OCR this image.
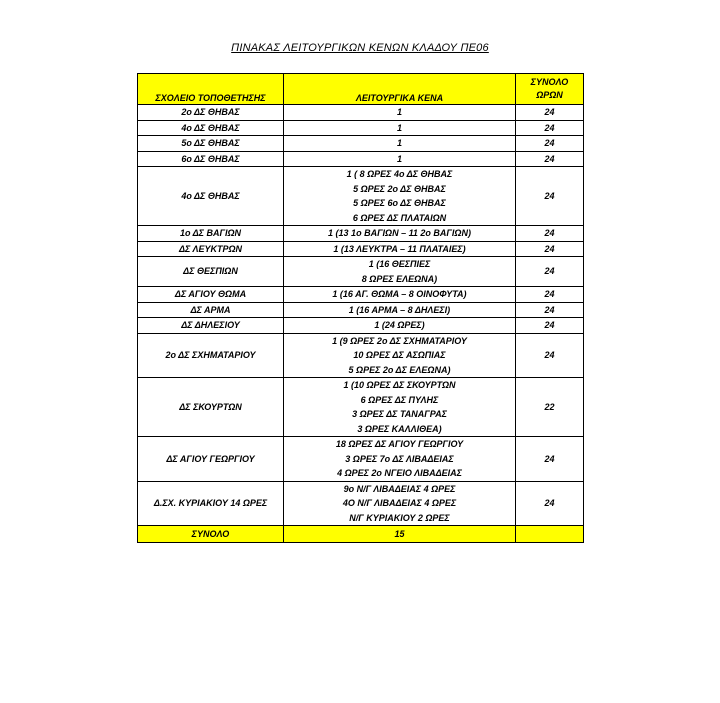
ΠΙΝΑΚΑΣ ΛΕΙΤΟΥΡΓΙΚΩΝ ΚΕΝΩΝ ΚΛΑΔΟΥ ΠΕ06
ΣΧΟΛΕΙΟ ΤΟΠΟΘΕΤΗΣΗΣ	ΛΕΙΤΟΥΡΓΙΚΑ ΚΕΝΑ	ΣΥΝΟΛΟ
ΩΡΩΝ

2ο ΔΣ ΘΗΒΑΣ	1	24
4ο ΔΣ ΘΗΒΑΣ	1	24
5ο ΔΣ ΘΗΒΑΣ	1	24
6ο ΔΣ ΘΗΒΑΣ	1	24
4ο ΔΣ ΘΗΒΑΣ	1 ( 8 ΩΡΕΣ 4ο ΔΣ ΘΗΒΑΣ
5 ΩΡΕΣ 2ο ΔΣ ΘΗΒΑΣ
5 ΩΡΕΣ 6ο ΔΣ ΘΗΒΑΣ
6 ΩΡΕΣ ΔΣ ΠΛΑΤΑΙΩΝ	24
1ο ΔΣ ΒΑΓΙΩΝ	1 (13 1ο ΒΑΓΙΩΝ – 11 2ο ΒΑΓΙΩΝ)	24
ΔΣ ΛΕΥΚΤΡΩΝ	1 (13 ΛΕΥΚΤΡΑ – 11 ΠΛΑΤΑΙΕΣ)	24
ΔΣ ΘΕΣΠΙΩΝ	1 (16 ΘΕΣΠΙΕΣ
8 ΩΡΕΣ ΕΛΕΩΝΑ)	24
ΔΣ ΑΓΙΟΥ ΘΩΜΑ	1 (16 ΑΓ. ΘΩΜΑ – 8 ΟΙΝΟΦΥΤΑ)	24
ΔΣ ΑΡΜΑ	1 (16 ΑΡΜΑ – 8 ΔΗΛΕΣΙ)	24
ΔΣ ΔΗΛΕΣΙΟΥ	1 (24 ΩΡΕΣ)	24
2ο ΔΣ ΣΧΗΜΑΤΑΡΙΟΥ	1 (9 ΩΡΕΣ 2ο ΔΣ ΣΧΗΜΑΤΑΡΙΟΥ
10 ΩΡΕΣ ΔΣ ΑΣΩΠΙΑΣ
5 ΩΡΕΣ 2ο ΔΣ ΕΛΕΩΝΑ)	24
ΔΣ ΣΚΟΥΡΤΩΝ	1 (10 ΩΡΕΣ ΔΣ ΣΚΟΥΡΤΩΝ
6 ΩΡΕΣ ΔΣ ΠΥΛΗΣ
3 ΩΡΕΣ ΔΣ ΤΑΝΑΓΡΑΣ
3 ΩΡΕΣ ΚΑΛΛΙΘΕΑ)	22
ΔΣ ΑΓΙΟΥ ΓΕΩΡΓΙΟΥ	18 ΩΡΕΣ ΔΣ ΑΓΙΟΥ ΓΕΩΡΓΙΟΥ
3 ΩΡΕΣ 7ο ΔΣ ΛΙΒΑΔΕΙΑΣ
4 ΩΡΕΣ 2ο ΝΓΕΙΟ ΛΙΒΑΔΕΙΑΣ	24
Δ.ΣΧ. ΚΥΡΙΑΚΙΟΥ 14 ΩΡΕΣ	9ο Ν/Γ ΛΙΒΑΔΕΙΑΣ 4 ΩΡΕΣ
4Ο Ν/Γ ΛΙΒΑΔΕΙΑΣ 4 ΩΡΕΣ
Ν/Γ ΚΥΡΙΑΚΙΟΥ 2 ΩΡΕΣ	24
ΣΥΝΟΛΟ	15	
